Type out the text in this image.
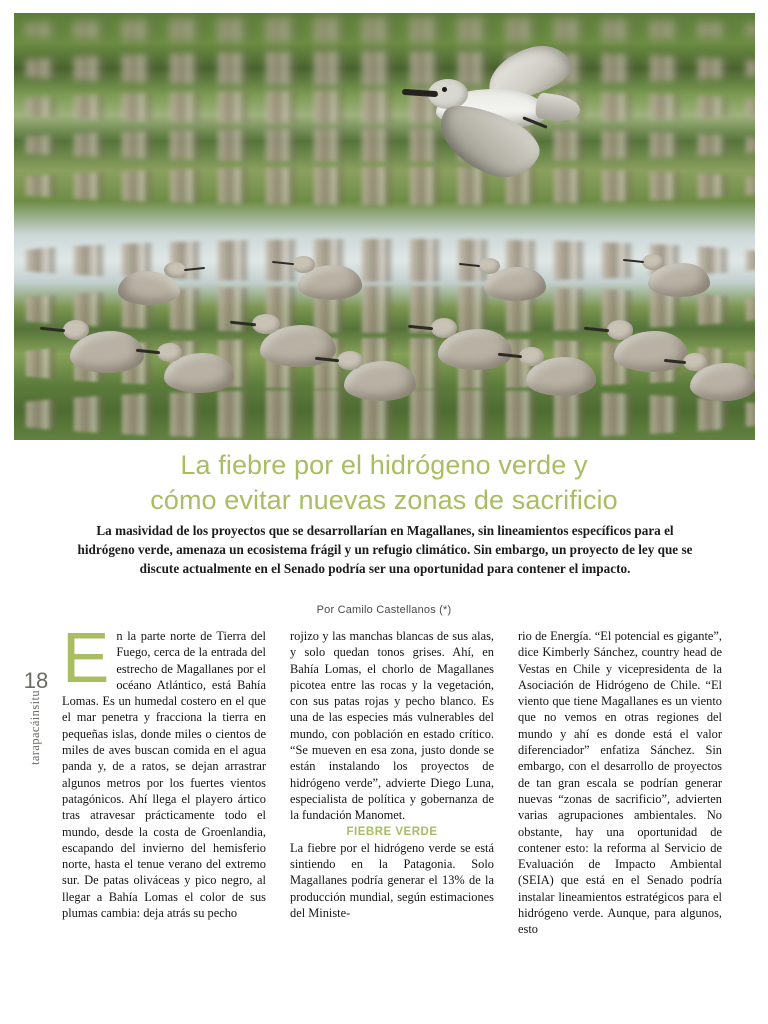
La fiebre por el hidrógeno verde y
cómo evitar nuevas zonas de sacrificio
La masividad de los proyectos que se desarrollarían en Magallanes, sin lineamientos específicos para el hidrógeno verde, amenaza un ecosistema frágil y un refugio climático. Sin embargo, un proyecto de ley que se discute actualmente en el Senado podría ser una oportunidad para contener el impacto.
Por Camilo Castellanos (*)
18
tarapacáinsitu

En la parte norte de Tierra del Fuego, cerca de la entrada del estrecho de Magallanes por el océano Atlántico, está Bahía Lomas. Es un humedal costero en el que el mar penetra y fracciona la tierra en pequeñas islas, donde miles o cientos de miles de aves buscan comida en el agua panda y, de a ratos, se dejan arrastrar algunos metros por los fuertes vientos patagónicos. Ahí llega el playero ártico tras atravesar prácticamente todo el mundo, desde la costa de Groenlandia, escapando del invierno del hemisferio norte, hasta el tenue verano del extremo sur. De patas oliváceas y pico negro, al llegar a Bahía Lomas el color de sus plumas cambia: deja atrás su pecho

rojizo y las manchas blancas de sus alas, y solo quedan tonos grises. Ahí, en Bahía Lomas, el chorlo de Magallanes picotea entre las rocas y la vegetación, con sus patas rojas y pecho blanco. Es una de las especies más vulnerables del mundo, con población en estado crítico. “Se mueven en esa zona, justo donde se están instalando los proyectos de hidrógeno verde”, advierte Diego Luna, especialista de política y gobernanza de la fundación Manomet.

FIEBRE VERDE

La fiebre por el hidrógeno verde se está sintiendo en la Patagonia. Solo Magallanes podría generar el 13% de la producción mundial, según estimaciones del Ministe-

rio de Energía. “El potencial es gigante”, dice Kimberly Sánchez, country head de Vestas en Chile y vicepresidenta de la Asociación de Hidrógeno de Chile. “El viento que tiene Magallanes es un viento que no vemos en otras regiones del mundo y ahí es donde está el valor diferenciador” enfatiza Sánchez. Sin embargo, con el desarrollo de proyectos de tan gran escala se podrían generar nuevas “zonas de sacrificio”, advierten varias agrupaciones ambientales. No obstante, hay una oportunidad de contener esto: la reforma al Servicio de Evaluación de Impacto Ambiental (SEIA) que está en el Senado podría instalar lineamientos estratégicos para el hidrógeno verde. Aunque, para algunos, esto
